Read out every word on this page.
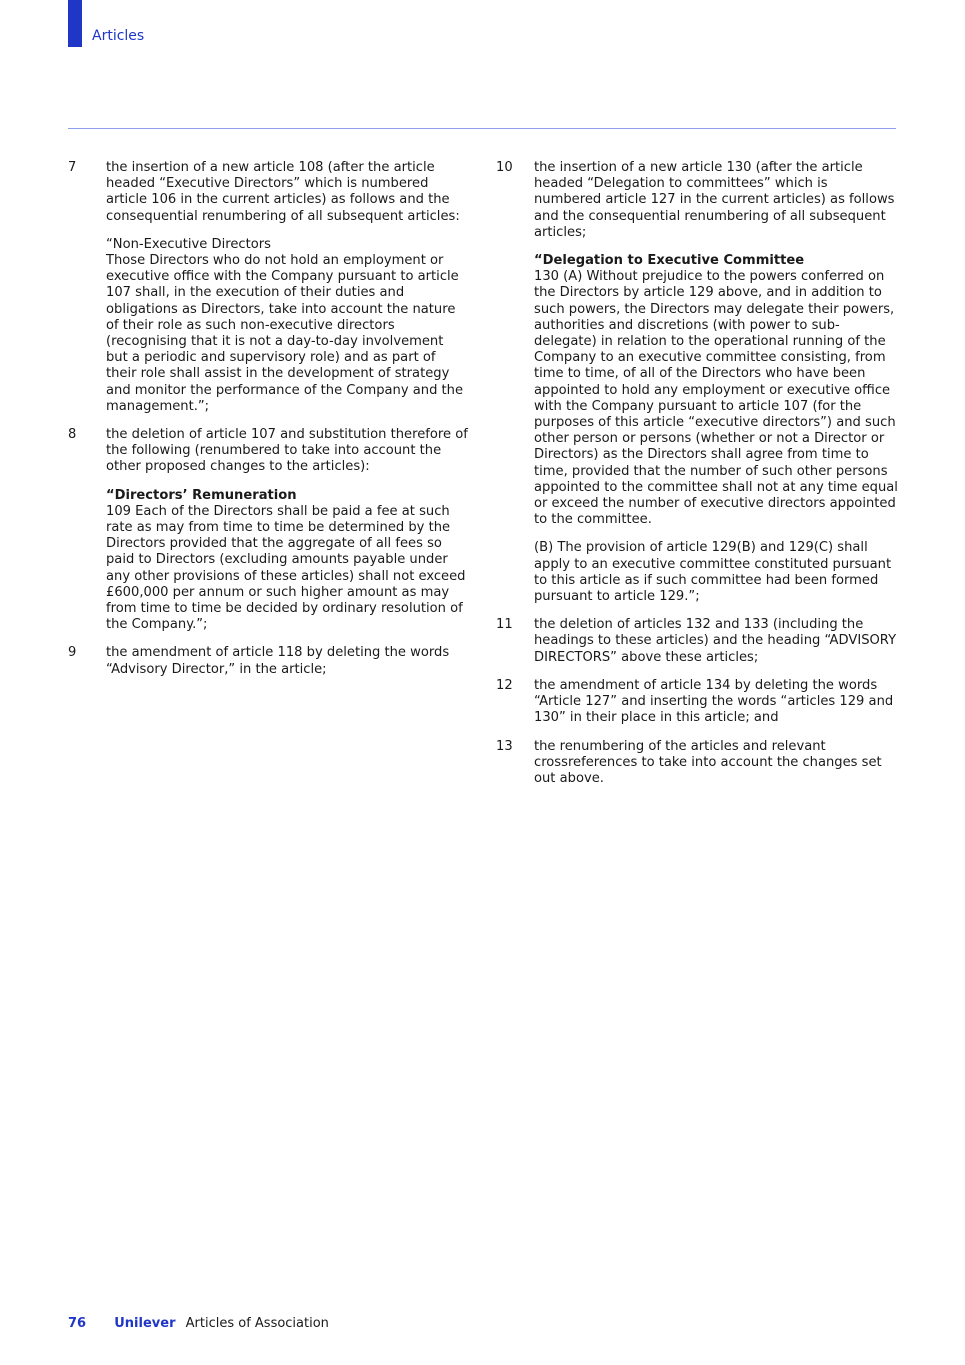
Articles
7 the insertion of a new article 108 (after the article headed “Executive Directors” which is numbered article 106 in the current articles) as follows and the consequential renumbering of all subsequent articles:

“Non-Executive Directors
Those Directors who do not hold an employment or executive office with the Company pursuant to article 107 shall, in the execution of their duties and obligations as Directors, take into account the nature of their role as such non-executive directors (recognising that it is not a day-to-day involvement but a periodic and supervisory role) and as part of their role shall assist in the development of strategy and monitor the performance of the Company and the management.”;

8 the deletion of article 107 and substitution therefore of the following (renumbered to take into account the other proposed changes to the articles):

“Directors’ Remuneration
109 Each of the Directors shall be paid a fee at such rate as may from time to time be determined by the Directors provided that the aggregate of all fees so paid to Directors (excluding amounts payable under any other provisions of these articles) shall not exceed £600,000 per annum or such higher amount as may from time to time be decided by ordinary resolution of the Company.”;

9 the amendment of article 118 by deleting the words “Advisory Director,” in the article;

10 the insertion of a new article 130 (after the article headed “Delegation to committees” which is numbered article 127 in the current articles) as follows and the consequential renumbering of all subsequent articles;

“Delegation to Executive Committee
130 (A) Without prejudice to the powers conferred on the Directors by article 129 above, and in addition to such powers, the Directors may delegate their powers, authorities and discretions (with power to sub-delegate) in relation to the operational running of the Company to an executive committee consisting, from time to time, of all of the Directors who have been appointed to hold any employment or executive office with the Company pursuant to article 107 (for the purposes of this article “executive directors”) and such other person or persons (whether or not a Director or Directors) as the Directors shall agree from time to time, provided that the number of such other persons appointed to the committee shall not at any time equal or exceed the number of executive directors appointed to the committee.

(B) The provision of article 129(B) and 129(C) shall apply to an executive committee constituted pursuant to this article as if such committee had been formed pursuant to article 129.”;

11 the deletion of articles 132 and 133 (including the headings to these articles) and the heading “ADVISORY DIRECTORS” above these articles;

12 the amendment of article 134 by deleting the words “Article 127” and inserting the words “articles 129 and 130” in their place in this article; and

13 the renumbering of the articles and relevant crossreferences to take into account the changes set out above.

76 Unilever Articles of Association
